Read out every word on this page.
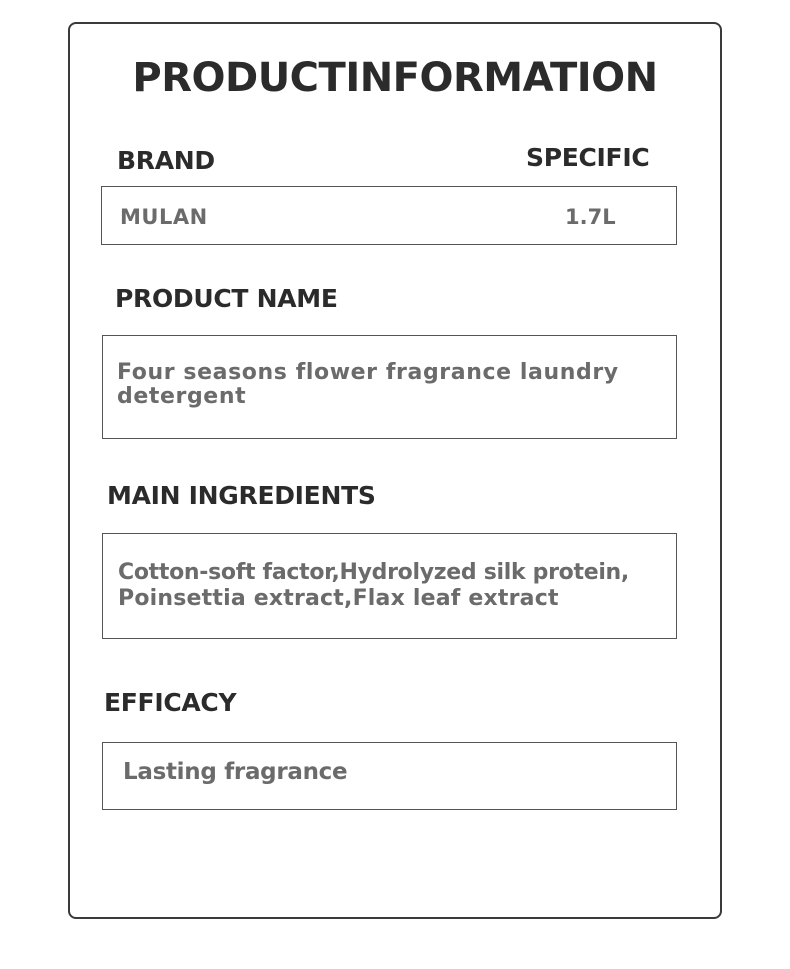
PRODUCTINFORMATION
BRAND	SPECIFIC
MULAN	1.7L
PRODUCT NAME
Four seasons flower fragrance laundry
detergent
MAIN INGREDIENTS
Cotton-soft factor,Hydrolyzed silk protein,
Poinsettia extract,Flax leaf extract
EFFICACY
Lasting fragrance
